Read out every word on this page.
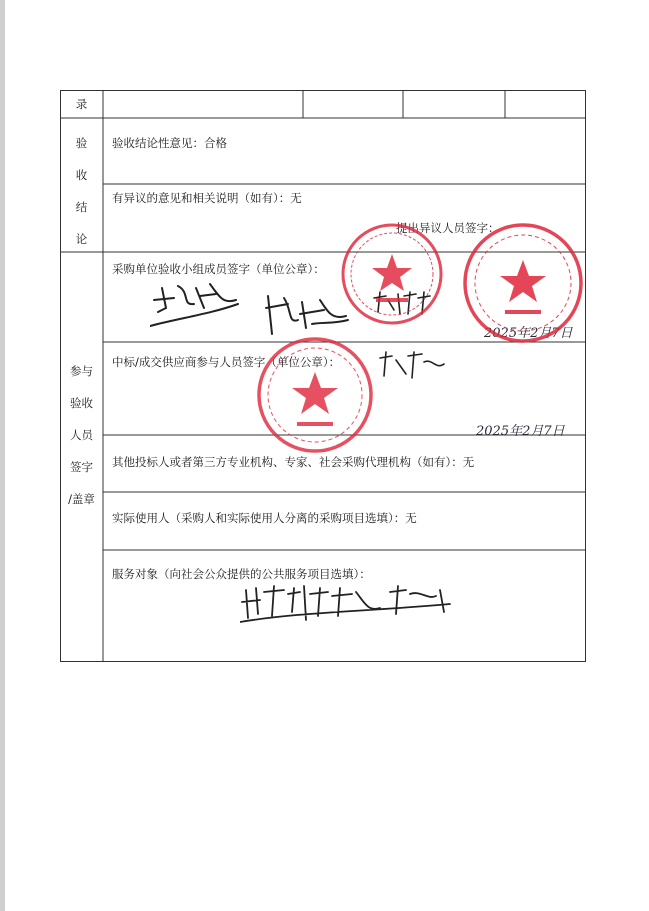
录
验
收
结
论
参与
验收
人员
签字
/盖章
验收结论性意见：合格
有异议的意见和相关说明（如有）：无
提出异议人员签字：
采购单位验收小组成员签字（单位公章）：
中标/成交供应商参与人员签字（单位公章）：
其他投标人或者第三方专业机构、专家、社会采购代理机构（如有）：无
实际使用人（采购人和实际使用人分离的采购项目选填）：无
服务对象（向社会公众提供的公共服务项目选填）：
2025年2月7日
2025年2月7日
